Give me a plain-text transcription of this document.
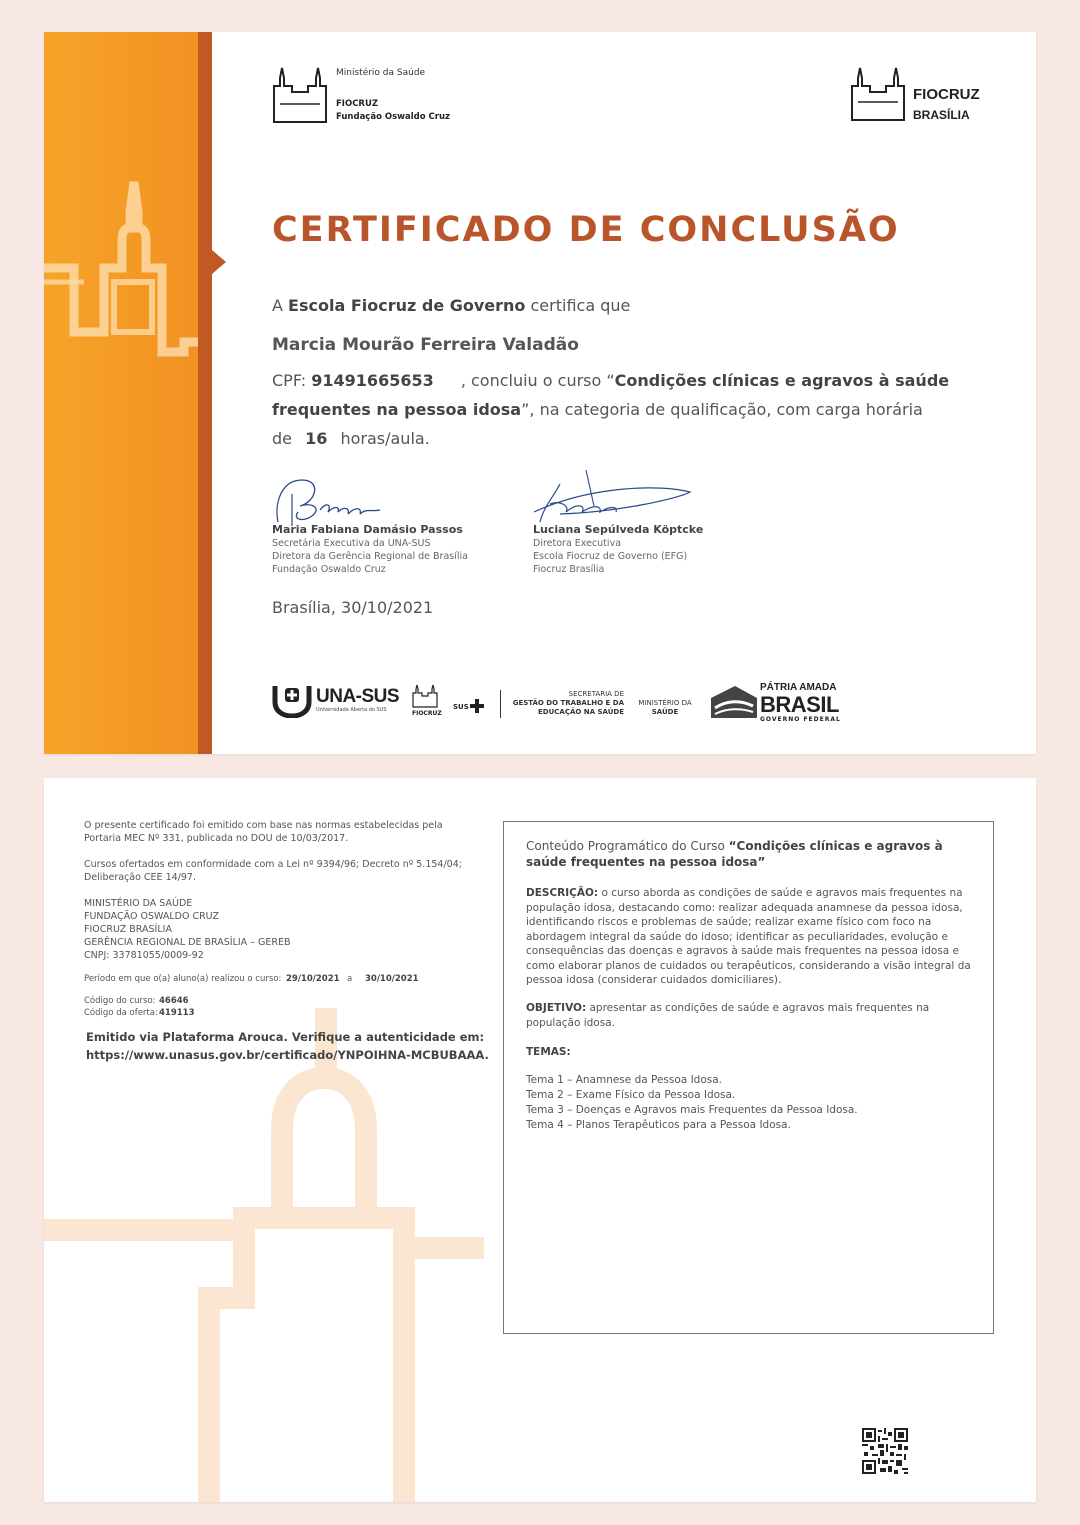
Ministério da Saúde
FIOCRUZ
Fundação Oswaldo Cruz
FIOCRUZ
BRASÍLIA
CERTIFICADO DE CONCLUSÃO
A Escola Fiocruz de Governo certifica que
Marcia Mourão Ferreira Valadão
CPF: 91491665653 , concluiu o curso “Condições clínicas e agravos à saúde
frequentes na pessoa idosa”, na categoria de qualificação, com carga horária
de 16 horas/aula.
Maria Fabiana Damásio Passos
Secretária Executiva da UNA-SUS
Diretora da Gerência Regional de Brasília
Fundação Oswaldo Cruz
Luciana Sepúlveda Köptcke
Diretora Executiva
Escola Fiocruz de Governo (EFG)
Fiocruz Brasília
Brasília, 30/10/2021
UNA-SUS
Universidade Aberta do SUS	FIOCRUZ
SUS
SECRETARIA DE
GESTÃO DO TRABALHO E DA
EDUCAÇÃO NA SAÚDE
MINISTÉRIO DA
SAÚDE
PÁTRIA AMADA
BRASIL
GOVERNO FEDERAL
O presente certificado foi emitido com base nas normas estabelecidas pela
Portaria MEC Nº 331, publicada no DOU de 10/03/2017.
Cursos ofertados em conformidade com a Lei nº 9394/96; Decreto nº 5.154/04;
Deliberação CEE 14/97.
MINISTÉRIO DA SAÚDE
FUNDAÇÃO OSWALDO CRUZ
FIOCRUZ BRASÍLIA
GERÊNCIA REGIONAL DE BRASÍLIA – GEREB
CNPJ: 33781055/0009-92
Período em que o(a) aluno(a) realizou o curso: 29/10/2021 a 30/10/2021
Código do curso: 46646
Código da oferta: 419113
Emitido via Plataforma Arouca. Verifique a autenticidade em:
https://www.unasus.gov.br/certificado/YNPOIHNA-MCBUBAAA.
Conteúdo Programático do Curso “Condições clínicas e agravos à saúde frequentes na pessoa idosa”
DESCRIÇÃO: o curso aborda as condições de saúde e agravos mais frequentes na população idosa, destacando como: realizar adequada anamnese da pessoa idosa, identificando riscos e problemas de saúde; realizar exame físico com foco na abordagem integral da saúde do idoso; identificar as peculiaridades, evolução e consequências das doenças e agravos à saúde mais frequentes na pessoa idosa e como elaborar planos de cuidados ou terapêuticos, considerando a visão integral da pessoa idosa (considerar cuidados domiciliares).
OBJETIVO: apresentar as condições de saúde e agravos mais frequentes na população idosa.
TEMAS:
Tema 1 – Anamnese da Pessoa Idosa.
Tema 2 – Exame Físico da Pessoa Idosa.
Tema 3 – Doenças e Agravos mais Frequentes da Pessoa Idosa.
Tema 4 – Planos Terapêuticos para a Pessoa Idosa.
